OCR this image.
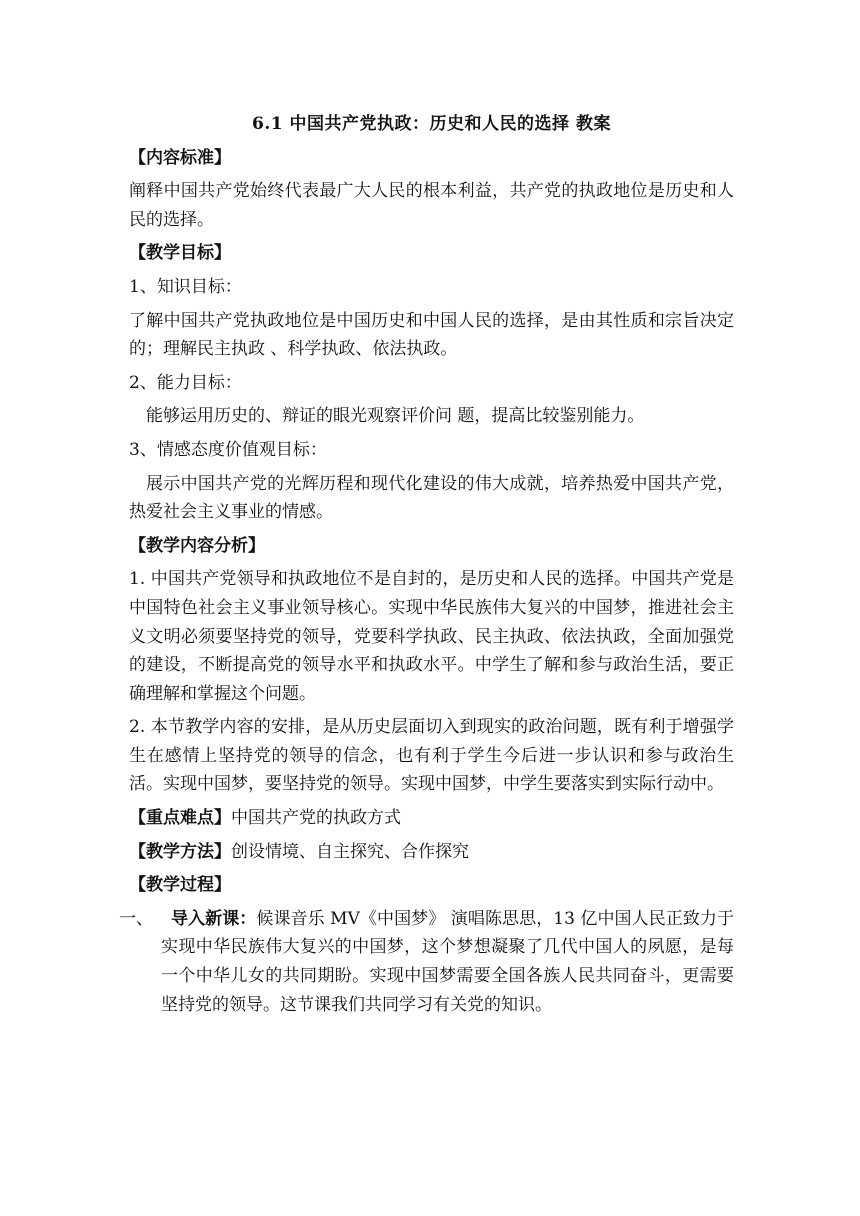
6.1 中国共产党执政：历史和人民的选择 教案
【内容标准】
阐释中国共产党始终代表最广大人民的根本利益，共产党的执政地位是历史和人民的选择。
【教学目标】
1、知识目标：
了解中国共产党执政地位是中国历史和中国人民的选择，是由其性质和宗旨决定的；理解民主执政 、科学执政、依法执政。
2、能力目标：
能够运用历史的、辩证的眼光观察评价问 题，提高比较鉴别能力。
3、情感态度价值观目标：
展示中国共产党的光辉历程和现代化建设的伟大成就，培养热爱中国共产党，热爱社会主义事业的情感。
【教学内容分析】
1. 中国共产党领导和执政地位不是自封的，是历史和人民的选择。中国共产党是中国特色社会主义事业领导核心。实现中华民族伟大复兴的中国梦，推进社会主义文明必须要坚持党的领导，党要科学执政、民主执政、依法执政，全面加强党的建设，不断提高党的领导水平和执政水平。中学生了解和参与政治生活，要正确理解和掌握这个问题。
2. 本节教学内容的安排，是从历史层面切入到现实的政治问题，既有利于增强学生在感情上坚持党的领导的信念，也有利于学生今后进一步认识和参与政治生活。实现中国梦，要坚持党的领导。实现中国梦，中学生要落实到实际行动中。
【重点难点】中国共产党的执政方式
【教学方法】创设情境、自主探究、合作探究
【教学过程】
一、 导入新课：候课音乐 MV《中国梦》 演唱陈思思，13 亿中国人民正致力于实现中华民族伟大复兴的中国梦，这个梦想凝聚了几代中国人的夙愿，是每一个中华儿女的共同期盼。实现中国梦需要全国各族人民共同奋斗，更需要坚持党的领导。这节课我们共同学习有关党的知识。
